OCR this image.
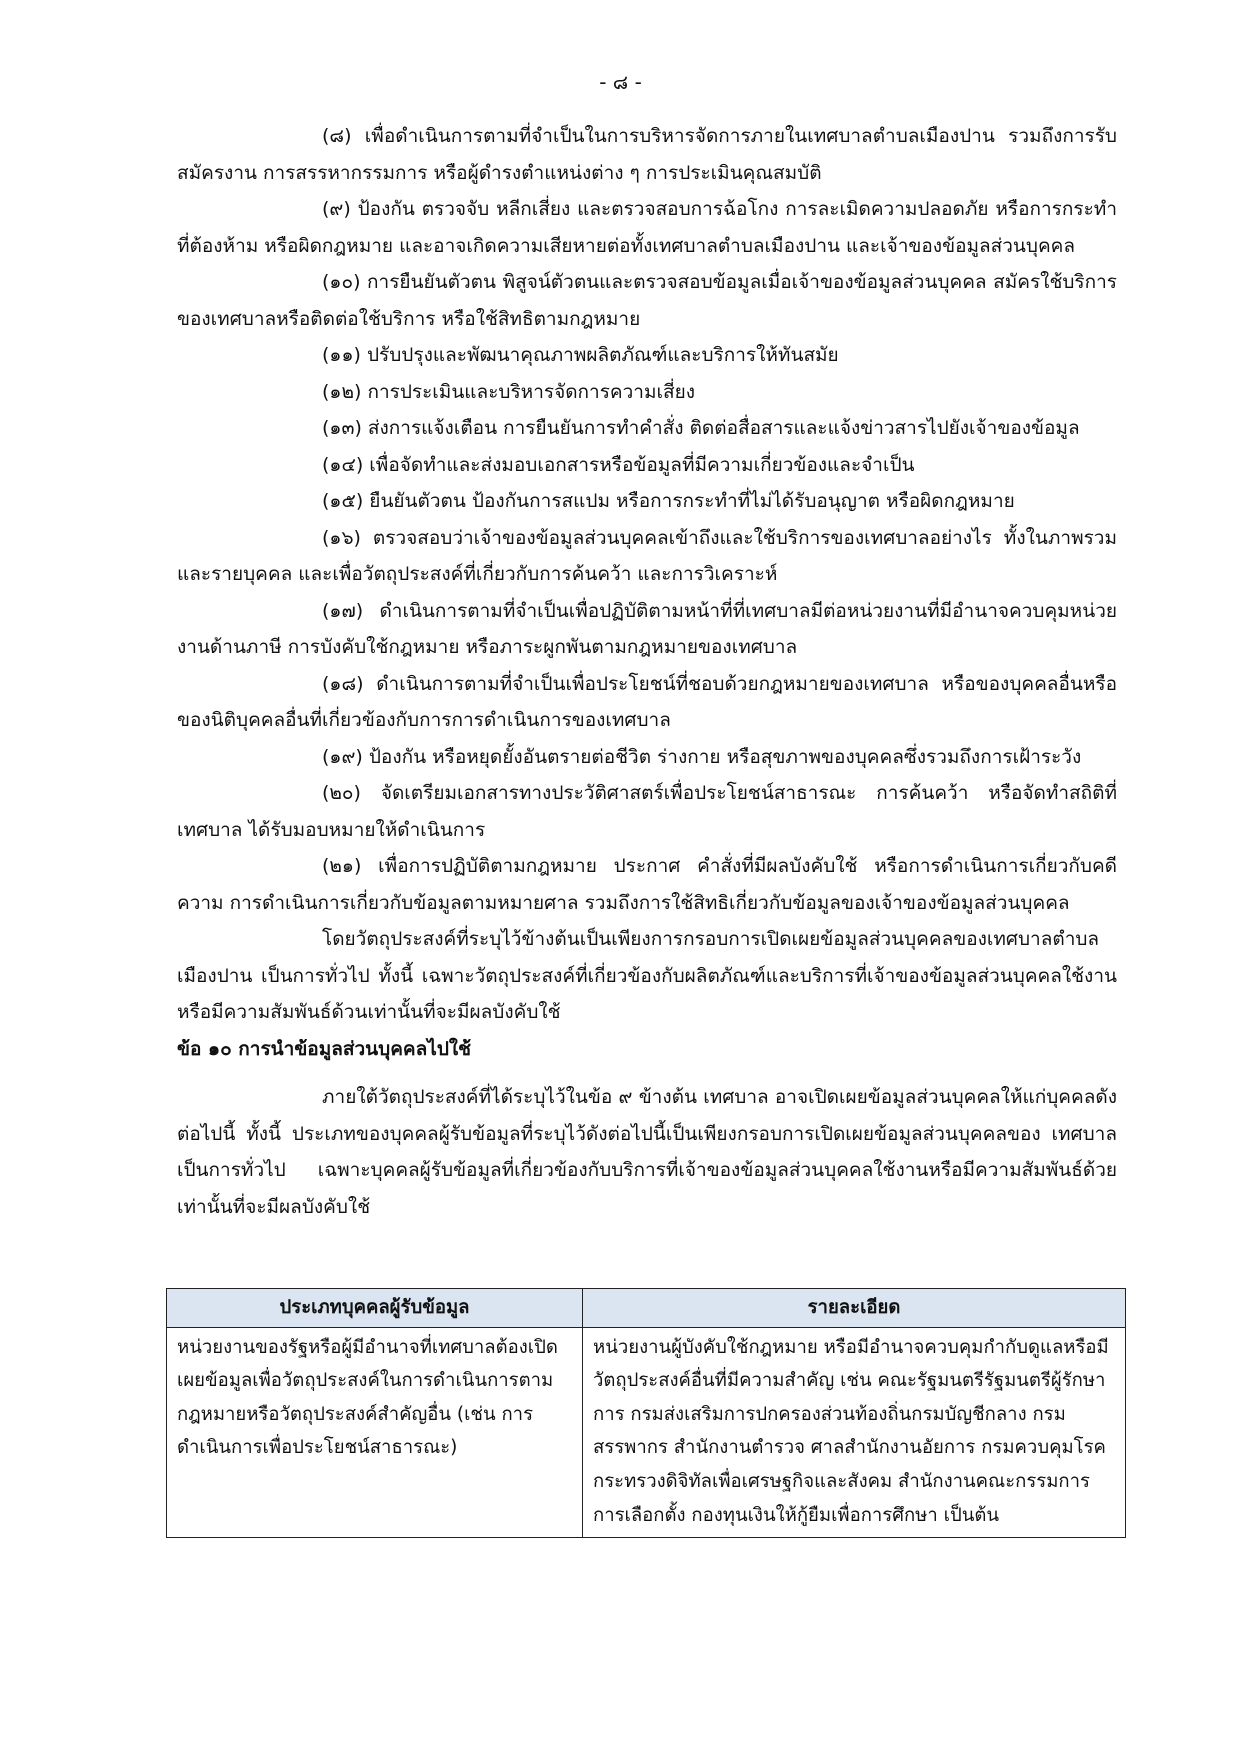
- ๘ -

(๘) เพื่อดำเนินการตามที่จำเป็นในการบริหารจัดการภายในเทศบาลตำบลเมืองปาน รวมถึงการรับสมัครงาน การสรรหากรรมการ หรือผู้ดำรงตำแหน่งต่าง ๆ การประเมินคุณสมบัติ

(๙) ป้องกัน ตรวจจับ หลีกเสี่ยง และตรวจสอบการฉ้อโกง การละเมิดความปลอดภัย หรือการกระทำที่ต้องห้าม หรือผิดกฎหมาย และอาจเกิดความเสียหายต่อทั้งเทศบาลตำบลเมืองปาน และเจ้าของข้อมูลส่วนบุคคล

(๑๐) การยืนยันตัวตน พิสูจน์ตัวตนและตรวจสอบข้อมูลเมื่อเจ้าของข้อมูลส่วนบุคคล สมัครใช้บริการของเทศบาลหรือติดต่อใช้บริการ หรือใช้สิทธิตามกฎหมาย

(๑๑) ปรับปรุงและพัฒนาคุณภาพผลิตภัณฑ์และบริการให้ทันสมัย

(๑๒) การประเมินและบริหารจัดการความเสี่ยง

(๑๓) ส่งการแจ้งเตือน การยืนยันการทำคำสั่ง ติดต่อสื่อสารและแจ้งข่าวสารไปยังเจ้าของข้อมูล

(๑๔) เพื่อจัดทำและส่งมอบเอกสารหรือข้อมูลที่มีความเกี่ยวข้องและจำเป็น

(๑๕) ยืนยันตัวตน ป้องกันการสแปม หรือการกระทำที่ไม่ได้รับอนุญาต หรือผิดกฎหมาย

(๑๖) ตรวจสอบว่าเจ้าของข้อมูลส่วนบุคคลเข้าถึงและใช้บริการของเทศบาลอย่างไร ทั้งในภาพรวมและรายบุคคล และเพื่อวัตถุประสงค์ที่เกี่ยวกับการค้นคว้า และการวิเคราะห์

(๑๗) ดำเนินการตามที่จำเป็นเพื่อปฏิบัติตามหน้าที่ที่เทศบาลมีต่อหน่วยงานที่มีอำนาจควบคุมหน่วยงานด้านภาษี การบังคับใช้กฎหมาย หรือภาระผูกพันตามกฎหมายของเทศบาล

(๑๘) ดำเนินการตามที่จำเป็นเพื่อประโยชน์ที่ชอบด้วยกฎหมายของเทศบาล หรือของบุคคลอื่นหรือของนิติบุคคลอื่นที่เกี่ยวข้องกับการการดำเนินการของเทศบาล

(๑๙) ป้องกัน หรือหยุดยั้งอันตรายต่อชีวิต ร่างกาย หรือสุขภาพของบุคคลซึ่งรวมถึงการเฝ้าระวัง

(๒๐) จัดเตรียมเอกสารทางประวัติศาสตร์เพื่อประโยชน์สาธารณะ การค้นคว้า หรือจัดทำสถิติที่เทศบาล ได้รับมอบหมายให้ดำเนินการ

(๒๑) เพื่อการปฏิบัติตามกฎหมาย ประกาศ คำสั่งที่มีผลบังคับใช้ หรือการดำเนินการเกี่ยวกับคดีความ การดำเนินการเกี่ยวกับข้อมูลตามหมายศาล รวมถึงการใช้สิทธิเกี่ยวกับข้อมูลของเจ้าของข้อมูลส่วนบุคคล

โดยวัตถุประสงค์ที่ระบุไว้ข้างต้นเป็นเพียงการกรอบการเปิดเผยข้อมูลส่วนบุคคลของเทศบาลตำบลเมืองปาน เป็นการทั่วไป ทั้งนี้ เฉพาะวัตถุประสงค์ที่เกี่ยวข้องกับผลิตภัณฑ์และบริการที่เจ้าของข้อมูลส่วนบุคคลใช้งานหรือมีความสัมพันธ์ด้วนเท่านั้นที่จะมีผลบังคับใช้

ข้อ ๑๐ การนำข้อมูลส่วนบุคคลไปใช้

ภายใต้วัตถุประสงค์ที่ได้ระบุไว้ในข้อ ๙ ข้างต้น เทศบาล อาจเปิดเผยข้อมูลส่วนบุคคลให้แก่บุคคลดังต่อไปนี้ ทั้งนี้ ประเภทของบุคคลผู้รับข้อมูลที่ระบุไว้ดังต่อไปนี้เป็นเพียงกรอบการเปิดเผยข้อมูลส่วนบุคคลของ เทศบาล เป็นการทั่วไป เฉพาะบุคคลผู้รับข้อมูลที่เกี่ยวข้องกับบริการที่เจ้าของข้อมูลส่วนบุคคลใช้งานหรือมีความสัมพันธ์ด้วยเท่านั้นที่จะมีผลบังคับใช้

ประเภทบุคคลผู้รับข้อมูล	รายละเอียด
หน่วยงานของรัฐหรือผู้มีอำนาจที่เทศบาลต้องเปิดเผยข้อมูลเพื่อวัตถุประสงค์ในการดำเนินการตามกฎหมายหรือวัตถุประสงค์สำคัญอื่น (เช่น การดำเนินการเพื่อประโยชน์สาธารณะ)	หน่วยงานผู้บังคับใช้กฎหมาย หรือมีอำนาจควบคุมกำกับดูแลหรือมีวัตถุประสงค์อื่นที่มีความสำคัญ เช่น คณะรัฐมนตรีรัฐมนตรีผู้รักษาการ กรมส่งเสริมการปกครองส่วนท้องถิ่นกรมบัญชีกลาง กรมสรรพากร สำนักงานตำรวจ ศาลสำนักงานอัยการ กรมควบคุมโรค กระทรวงดิจิทัลเพื่อเศรษฐกิจและสังคม สำนักงานคณะกรรมการการเลือกตั้ง กองทุนเงินให้กู้ยืมเพื่อการศึกษา เป็นต้น
